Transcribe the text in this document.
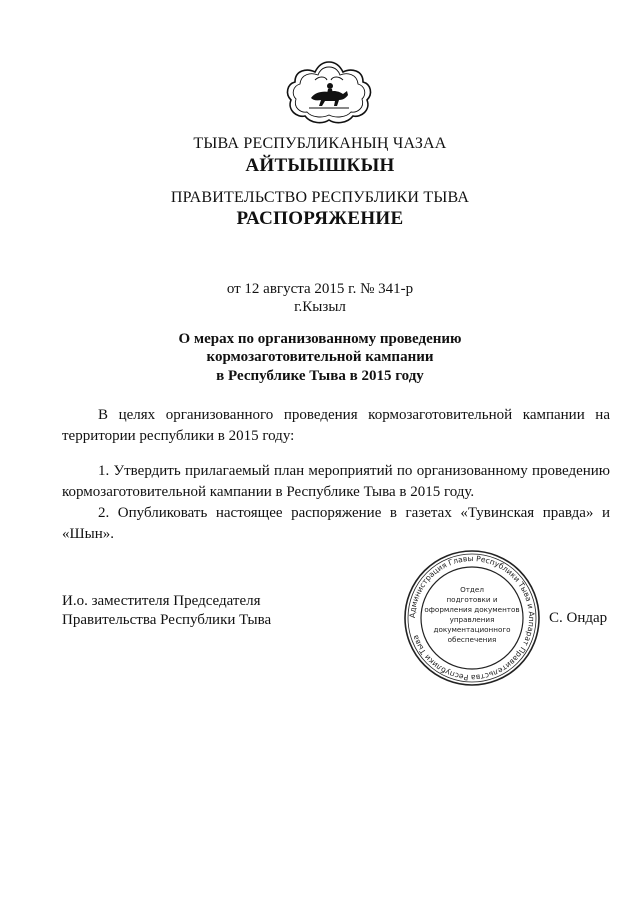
ТЫВА РЕСПУБЛИКАНЫҢ ЧАЗАА
АЙТЫЫШКЫН
ПРАВИТЕЛЬСТВО РЕСПУБЛИКИ ТЫВА
РАСПОРЯЖЕНИЕ
от 12 августа 2015 г. № 341-р
г.Кызыл
О мерах по организованному проведению
кормозаготовительной кампании
в Республике Тыва в 2015 году
В целях организованного проведения кормозаготовительной кампании на территории республики в 2015 году:
1. Утвердить прилагаемый план мероприятий по организованному проведению кормозаготовительной кампании в Республике Тыва в 2015 году.
2. Опубликовать настоящее распоряжение в газетах «Тувинская правда» и «Шын».
И.о. заместителя Председателя
Правительства Республики Тыва	С. Ондар
Администрация Главы Республики Тыва и Аппарат Правительства Республики Тыва
Отдел
подготовки и
оформления документов
управления
документационного
обеспечения
